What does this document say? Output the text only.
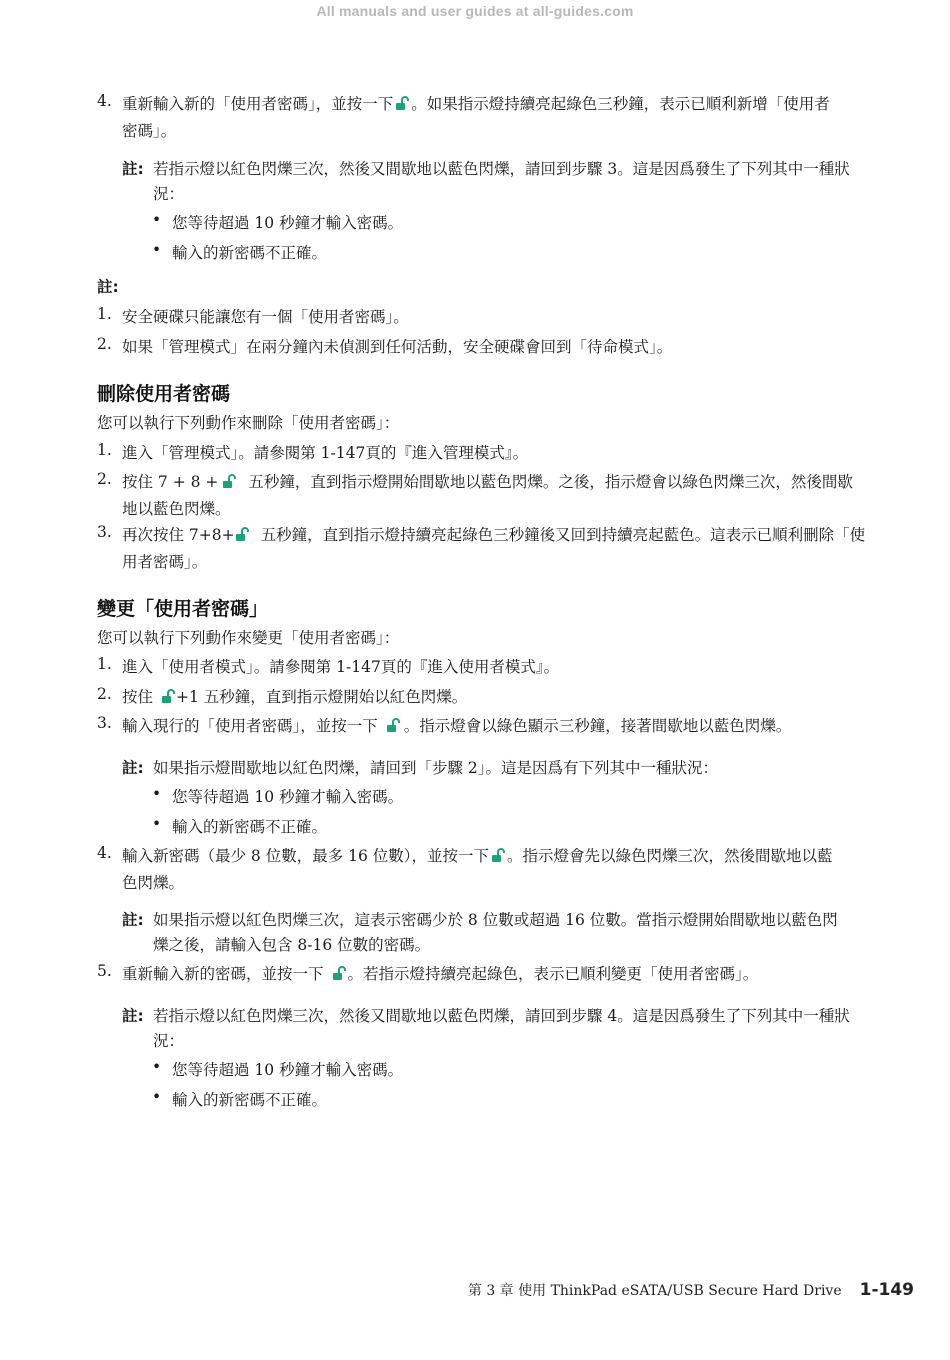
All manuals and user guides at all-guides.com
4. 重新輸入新的「使用者密碼」，並按一下 。如果指示燈持續亮起綠色三秒鐘，表示已順利新增「使用者
密碼」。
註: 若指示燈以紅色閃爍三次，然後又間歇地以藍色閃爍，請回到步驟 3。這是因爲發生了下列其中一種狀
況：
• 您等待超過 10 秒鐘才輸入密碼。
• 輸入的新密碼不正確。
註:
1. 安全硬碟只能讓您有一個「使用者密碼」。
2. 如果「管理模式」在兩分鐘內未偵測到任何活動，安全硬碟會回到「待命模式」。
刪除使用者密碼
您可以執行下列動作來刪除「使用者密碼」：
1. 進入「管理模式」。請參閱第 1-147頁的『進入管理模式』。
2. 按住 7 + 8 + 五秒鐘，直到指示燈開始間歇地以藍色閃爍。之後，指示燈會以綠色閃爍三次，然後間歇
地以藍色閃爍。
3. 再次按住 7+8+ 五秒鐘，直到指示燈持續亮起綠色三秒鐘後又回到持續亮起藍色。這表示已順利刪除「使
用者密碼」。
變更「使用者密碼」
您可以執行下列動作來變更「使用者密碼」：
1. 進入「使用者模式」。請參閱第 1-147頁的『進入使用者模式』。
2. 按住 +1 五秒鐘，直到指示燈開始以紅色閃爍。
3. 輸入現行的「使用者密碼」，並按一下 。指示燈會以綠色顯示三秒鐘，接著間歇地以藍色閃爍。
註: 如果指示燈間歇地以紅色閃爍，請回到「步驟 2」。這是因爲有下列其中一種狀況：
• 您等待超過 10 秒鐘才輸入密碼。
• 輸入的新密碼不正確。
4. 輸入新密碼（最少 8 位數，最多 16 位數），並按一下 。指示燈會先以綠色閃爍三次，然後間歇地以藍
色閃爍。
註: 如果指示燈以紅色閃爍三次，這表示密碼少於 8 位數或超過 16 位數。當指示燈開始間歇地以藍色閃
爍之後，請輸入包含 8-16 位數的密碼。
5. 重新輸入新的密碼，並按一下 。若指示燈持續亮起綠色，表示已順利變更「使用者密碼」。
註: 若指示燈以紅色閃爍三次，然後又間歇地以藍色閃爍，請回到步驟 4。這是因爲發生了下列其中一種狀
況：
• 您等待超過 10 秒鐘才輸入密碼。
• 輸入的新密碼不正確。
第 3 章 使用 ThinkPad eSATA/USB Secure Hard Drive 1-149
